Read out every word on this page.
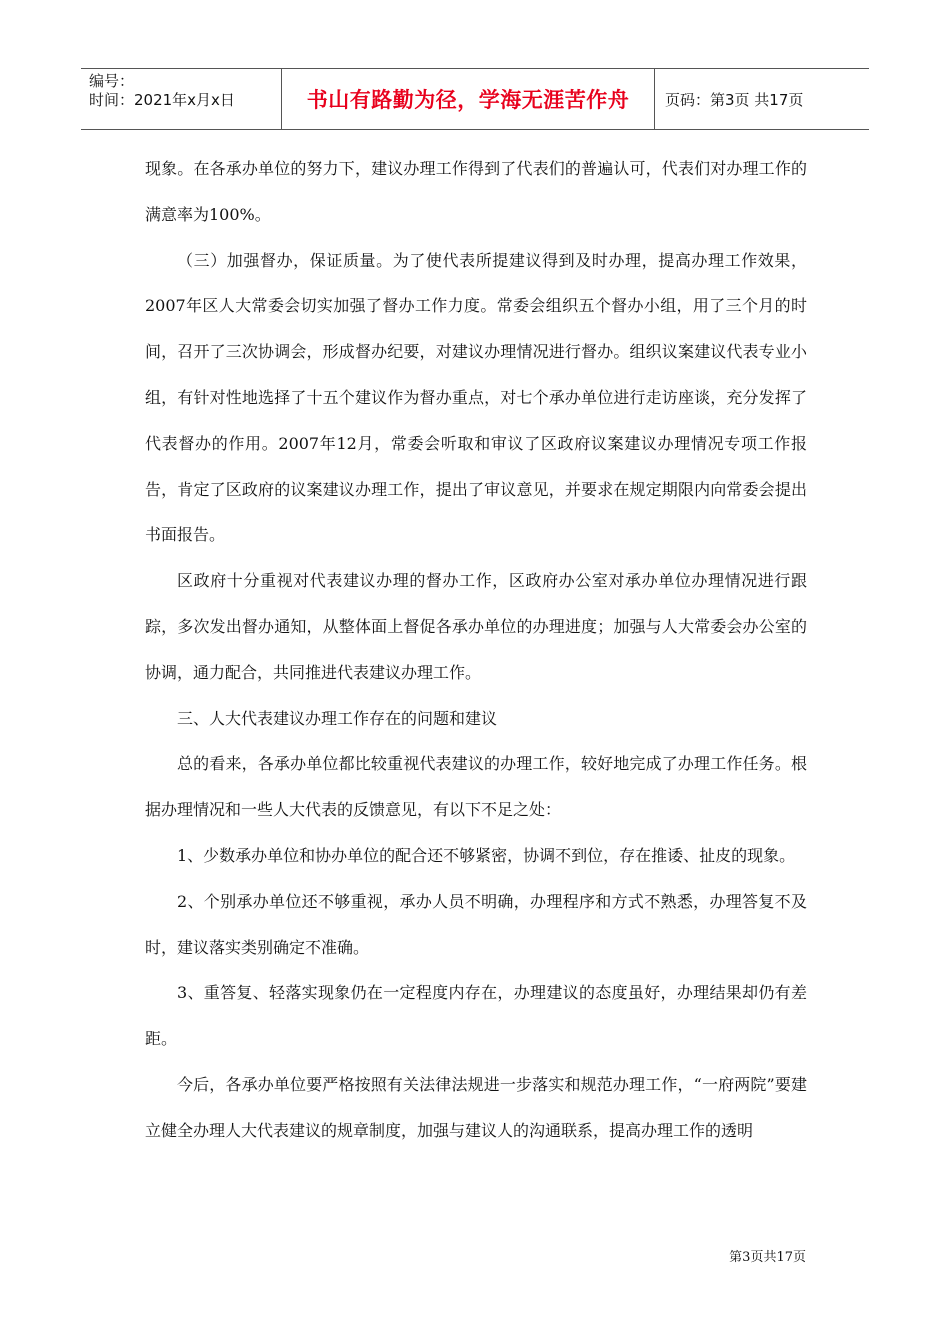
编号：
时间：2021年x月x日	书山有路勤为径，学海无涯苦作舟 页码：第3页 共17页

现象。在各承办单位的努力下，建议办理工作得到了代表们的普遍认可，代表们对办理工作的满意率为100%。

（三）加强督办，保证质量。为了使代表所提建议得到及时办理，提高办理工作效果，2007年区人大常委会切实加强了督办工作力度。常委会组织五个督办小组，用了三个月的时间，召开了三次协调会，形成督办纪要，对建议办理情况进行督办。组织议案建议代表专业小组，有针对性地选择了十五个建议作为督办重点，对七个承办单位进行走访座谈，充分发挥了代表督办的作用。2007年12月，常委会听取和审议了区政府议案建议办理情况专项工作报告，肯定了区政府的议案建议办理工作，提出了审议意见，并要求在规定期限内向常委会提出书面报告。

区政府十分重视对代表建议办理的督办工作，区政府办公室对承办单位办理情况进行跟踪，多次发出督办通知，从整体面上督促各承办单位的办理进度；加强与人大常委会办公室的协调，通力配合，共同推进代表建议办理工作。

三、人大代表建议办理工作存在的问题和建议

总的看来，各承办单位都比较重视代表建议的办理工作，较好地完成了办理工作任务。根据办理情况和一些人大代表的反馈意见，有以下不足之处：

1、少数承办单位和协办单位的配合还不够紧密，协调不到位，存在推诿、扯皮的现象。

2、个别承办单位还不够重视，承办人员不明确，办理程序和方式不熟悉，办理答复不及时，建议落实类别确定不准确。

3、重答复、轻落实现象仍在一定程度内存在，办理建议的态度虽好，办理结果却仍有差距。

今后，各承办单位要严格按照有关法律法规进一步落实和规范办理工作，“一府两院”要建立健全办理人大代表建议的规章制度，加强与建议人的沟通联系，提高办理工作的透明

第3页共17页
